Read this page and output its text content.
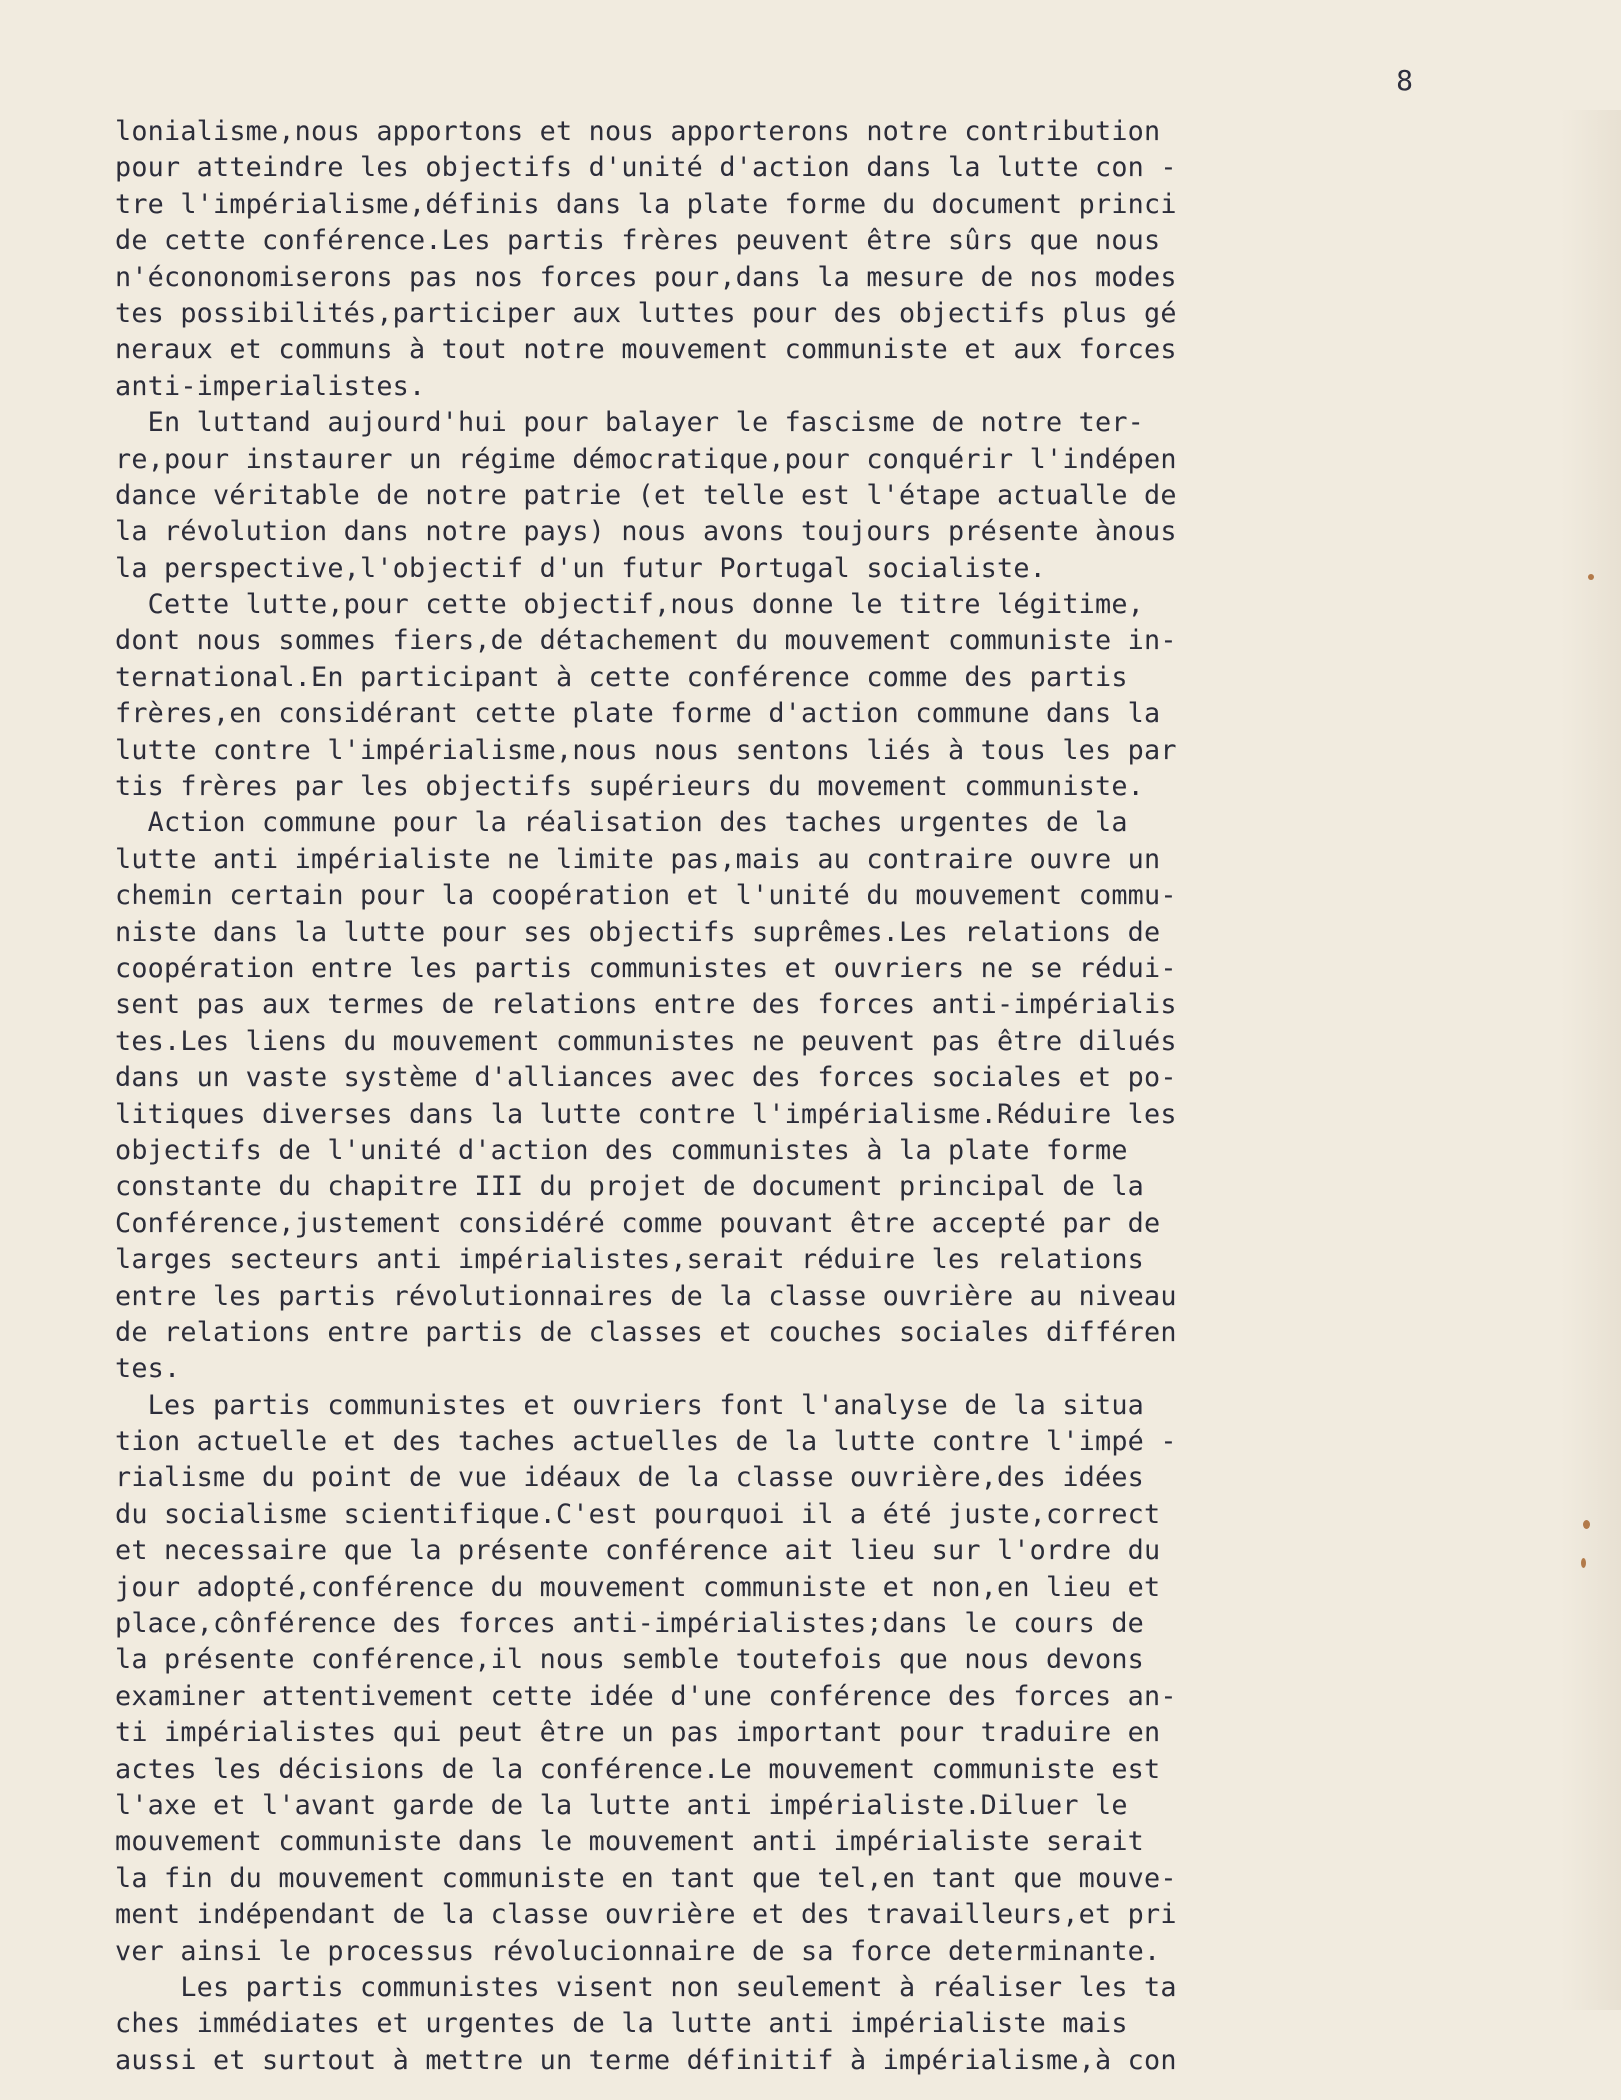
8
lonialisme,nous apportons et nous apporterons notre contribution
pour atteindre les objectifs d'unité d'action dans la lutte con -
tre l'impérialisme,définis dans la plate forme du document princi
de cette conférence.Les partis frères peuvent être sûrs que nous
n'écononomiserons pas nos forces pour,dans la mesure de nos modes
tes possibilités,participer aux luttes pour des objectifs plus gé
neraux et communs à tout notre mouvement communiste et aux forces
anti-imperialistes.
En luttand aujourd'hui pour balayer le fascisme de notre ter-
re,pour instaurer un régime démocratique,pour conquérir l'indépen
dance véritable de notre patrie (et telle est l'étape actualle de
la révolution dans notre pays) nous avons toujours présente ànous
la perspective,l'objectif d'un futur Portugal socialiste.
Cette lutte,pour cette objectif,nous donne le titre légitime,
dont nous sommes fiers,de détachement du mouvement communiste in-
ternational.En participant à cette conférence comme des partis
frères,en considérant cette plate forme d'action commune dans la
lutte contre l'impérialisme,nous nous sentons liés à tous les par
tis frères par les objectifs supérieurs du movement communiste.
Action commune pour la réalisation des taches urgentes de la
lutte anti impérialiste ne limite pas,mais au contraire ouvre un
chemin certain pour la coopération et l'unité du mouvement commu-
niste dans la lutte pour ses objectifs suprêmes.Les relations de
coopération entre les partis communistes et ouvriers ne se rédui-
sent pas aux termes de relations entre des forces anti-impérialis
tes.Les liens du mouvement communistes ne peuvent pas être dilués
dans un vaste système d'alliances avec des forces sociales et po-
litiques diverses dans la lutte contre l'impérialisme.Réduire les
objectifs de l'unité d'action des communistes à la plate forme
constante du chapitre III du projet de document principal de la
Conférence,justement considéré comme pouvant être accepté par de
larges secteurs anti impérialistes,serait réduire les relations
entre les partis révolutionnaires de la classe ouvrière au niveau
de relations entre partis de classes et couches sociales différen
tes.
Les partis communistes et ouvriers font l'analyse de la situa
tion actuelle et des taches actuelles de la lutte contre l'impé -
rialisme du point de vue idéaux de la classe ouvrière,des idées
du socialisme scientifique.C'est pourquoi il a été juste,correct
et necessaire que la présente conférence ait lieu sur l'ordre du
jour adopté,conférence du mouvement communiste et non,en lieu et
place,cônférence des forces anti-impérialistes;dans le cours de
la présente conférence,il nous semble toutefois que nous devons
examiner attentivement cette idée d'une conférence des forces an-
ti impérialistes qui peut être un pas important pour traduire en
actes les décisions de la conférence.Le mouvement communiste est
l'axe et l'avant garde de la lutte anti impérialiste.Diluer le
mouvement communiste dans le mouvement anti impérialiste serait
la fin du mouvement communiste en tant que tel,en tant que mouve-
ment indépendant de la classe ouvrière et des travailleurs,et pri
ver ainsi le processus révolucionnaire de sa force determinante.
Les partis communistes visent non seulement à réaliser les ta
ches immédiates et urgentes de la lutte anti impérialiste mais
aussi et surtout à mettre un terme définitif à impérialisme,à con
